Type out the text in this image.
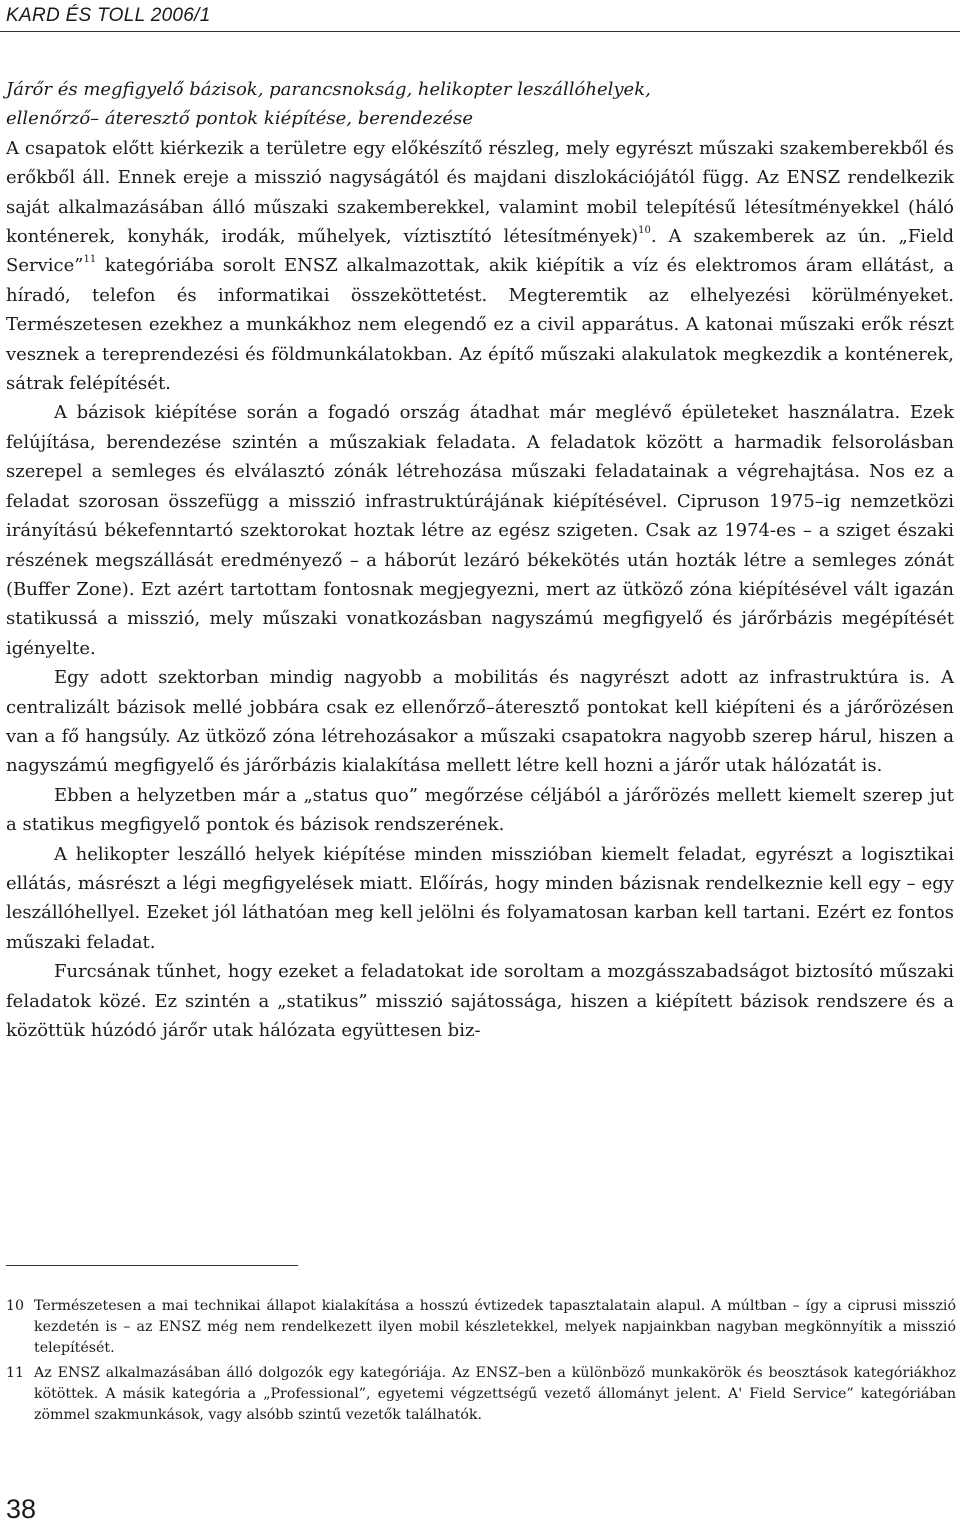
KARD ÉS TOLL 2006/1

Járőr és megfigyelő bázisok, parancsnokság, helikopter leszállóhelyek,
ellenőrző– áteresztő pontok kiépítése, berendezése

A csapatok előtt kiérkezik a területre egy előkészítő részleg, mely egyrészt műszaki szakemberekből és erőkből áll. Ennek ereje a misszió nagyságától és majdani diszlokációjától függ. Az ENSZ rendelkezik saját alkalmazásában álló műszaki szakemberekkel, valamint mobil telepítésű létesítményekkel (háló konténerek, konyhák, irodák, műhelyek, víztisztító létesítmények)$^{10}$. A szakemberek az ún. „Field Service”$^{11}$ kategóriába sorolt ENSZ alkalmazottak, akik kiépítik a víz és elektromos áram ellátást, a híradó, telefon és informatikai összeköttetést. Megteremtik az elhelyezési körülményeket. Természetesen ezekhez a munkákhoz nem elegendő ez a civil apparátus. A katonai műszaki erők részt vesznek a tereprendezési és földmunkálatokban. Az építő műszaki alakulatok megkezdik a konténerek, sátrak felépítését.

A bázisok kiépítése során a fogadó ország átadhat már meglévő épületeket használatra. Ezek felújítása, berendezése szintén a műszakiak feladata. A feladatok között a harmadik felsorolásban szerepel a semleges és elválasztó zónák létrehozása műszaki feladatainak a végrehajtása. Nos ez a feladat szorosan összefügg a misszió infrastruktúrájának kiépítésével. Cipruson 1975–ig nemzetközi irányítású békefenntartó szektorokat hoztak létre az egész szigeten. Csak az 1974-es – a sziget északi részének megszállását eredményező – a háborút lezáró békekötés után hozták létre a semleges zónát (Buffer Zone). Ezt azért tartottam fontosnak megjegyezni, mert az ütköző zóna kiépítésével vált igazán statikussá a misszió, mely műszaki vonatkozásban nagyszámú megfigyelő és járőrbázis megépítését igényelte.

Egy adott szektorban mindig nagyobb a mobilitás és nagyrészt adott az infrastruktúra is. A centralizált bázisok mellé jobbára csak ez ellenőrző–áteresztő pontokat kell kiépíteni és a járőrözésen van a fő hangsúly. Az ütköző zóna létrehozásakor a műszaki csapatokra nagyobb szerep hárul, hiszen a nagyszámú megfigyelő és járőrbázis kialakítása mellett létre kell hozni a járőr utak hálózatát is.

Ebben a helyzetben már a „status quo” megőrzése céljából a járőrözés mellett kiemelt szerep jut a statikus megfigyelő pontok és bázisok rendszerének.

A helikopter leszálló helyek kiépítése minden misszióban kiemelt feladat, egyrészt a logisztikai ellátás, másrészt a légi megfigyelések miatt. Előírás, hogy minden bázisnak rendelkeznie kell egy – egy leszállóhellyel. Ezeket jól láthatóan meg kell jelölni és folyamatosan karban kell tartani. Ezért ez fontos műszaki feladat.

Furcsának tűnhet, hogy ezeket a feladatokat ide soroltam a mozgásszabadságot biztosító műszaki feladatok közé. Ez szintén a „statikus” misszió sajátossága, hiszen a kiépített bázisok rendszere és a közöttük húzódó járőr utak hálózata együttesen biz-

10 Természetesen a mai technikai állapot kialakítása a hosszú évtizedek tapasztalatain alapul. A múltban – így a ciprusi misszió kezdetén is – az ENSZ még nem rendelkezett ilyen mobil készletekkel, melyek napjainkban nagyban megkönnyítik a misszió telepítését.
11 Az ENSZ alkalmazásában álló dolgozók egy kategóriája. Az ENSZ–ben a különböző munkakörök és beosztások kategóriákhoz kötöttek. A másik kategória a „Professional”, egyetemi végzettségű vezető állományt jelent. A' Field Service” kategóriában zömmel szakmunkások, vagy alsóbb szintű vezetők találhatók.
38
